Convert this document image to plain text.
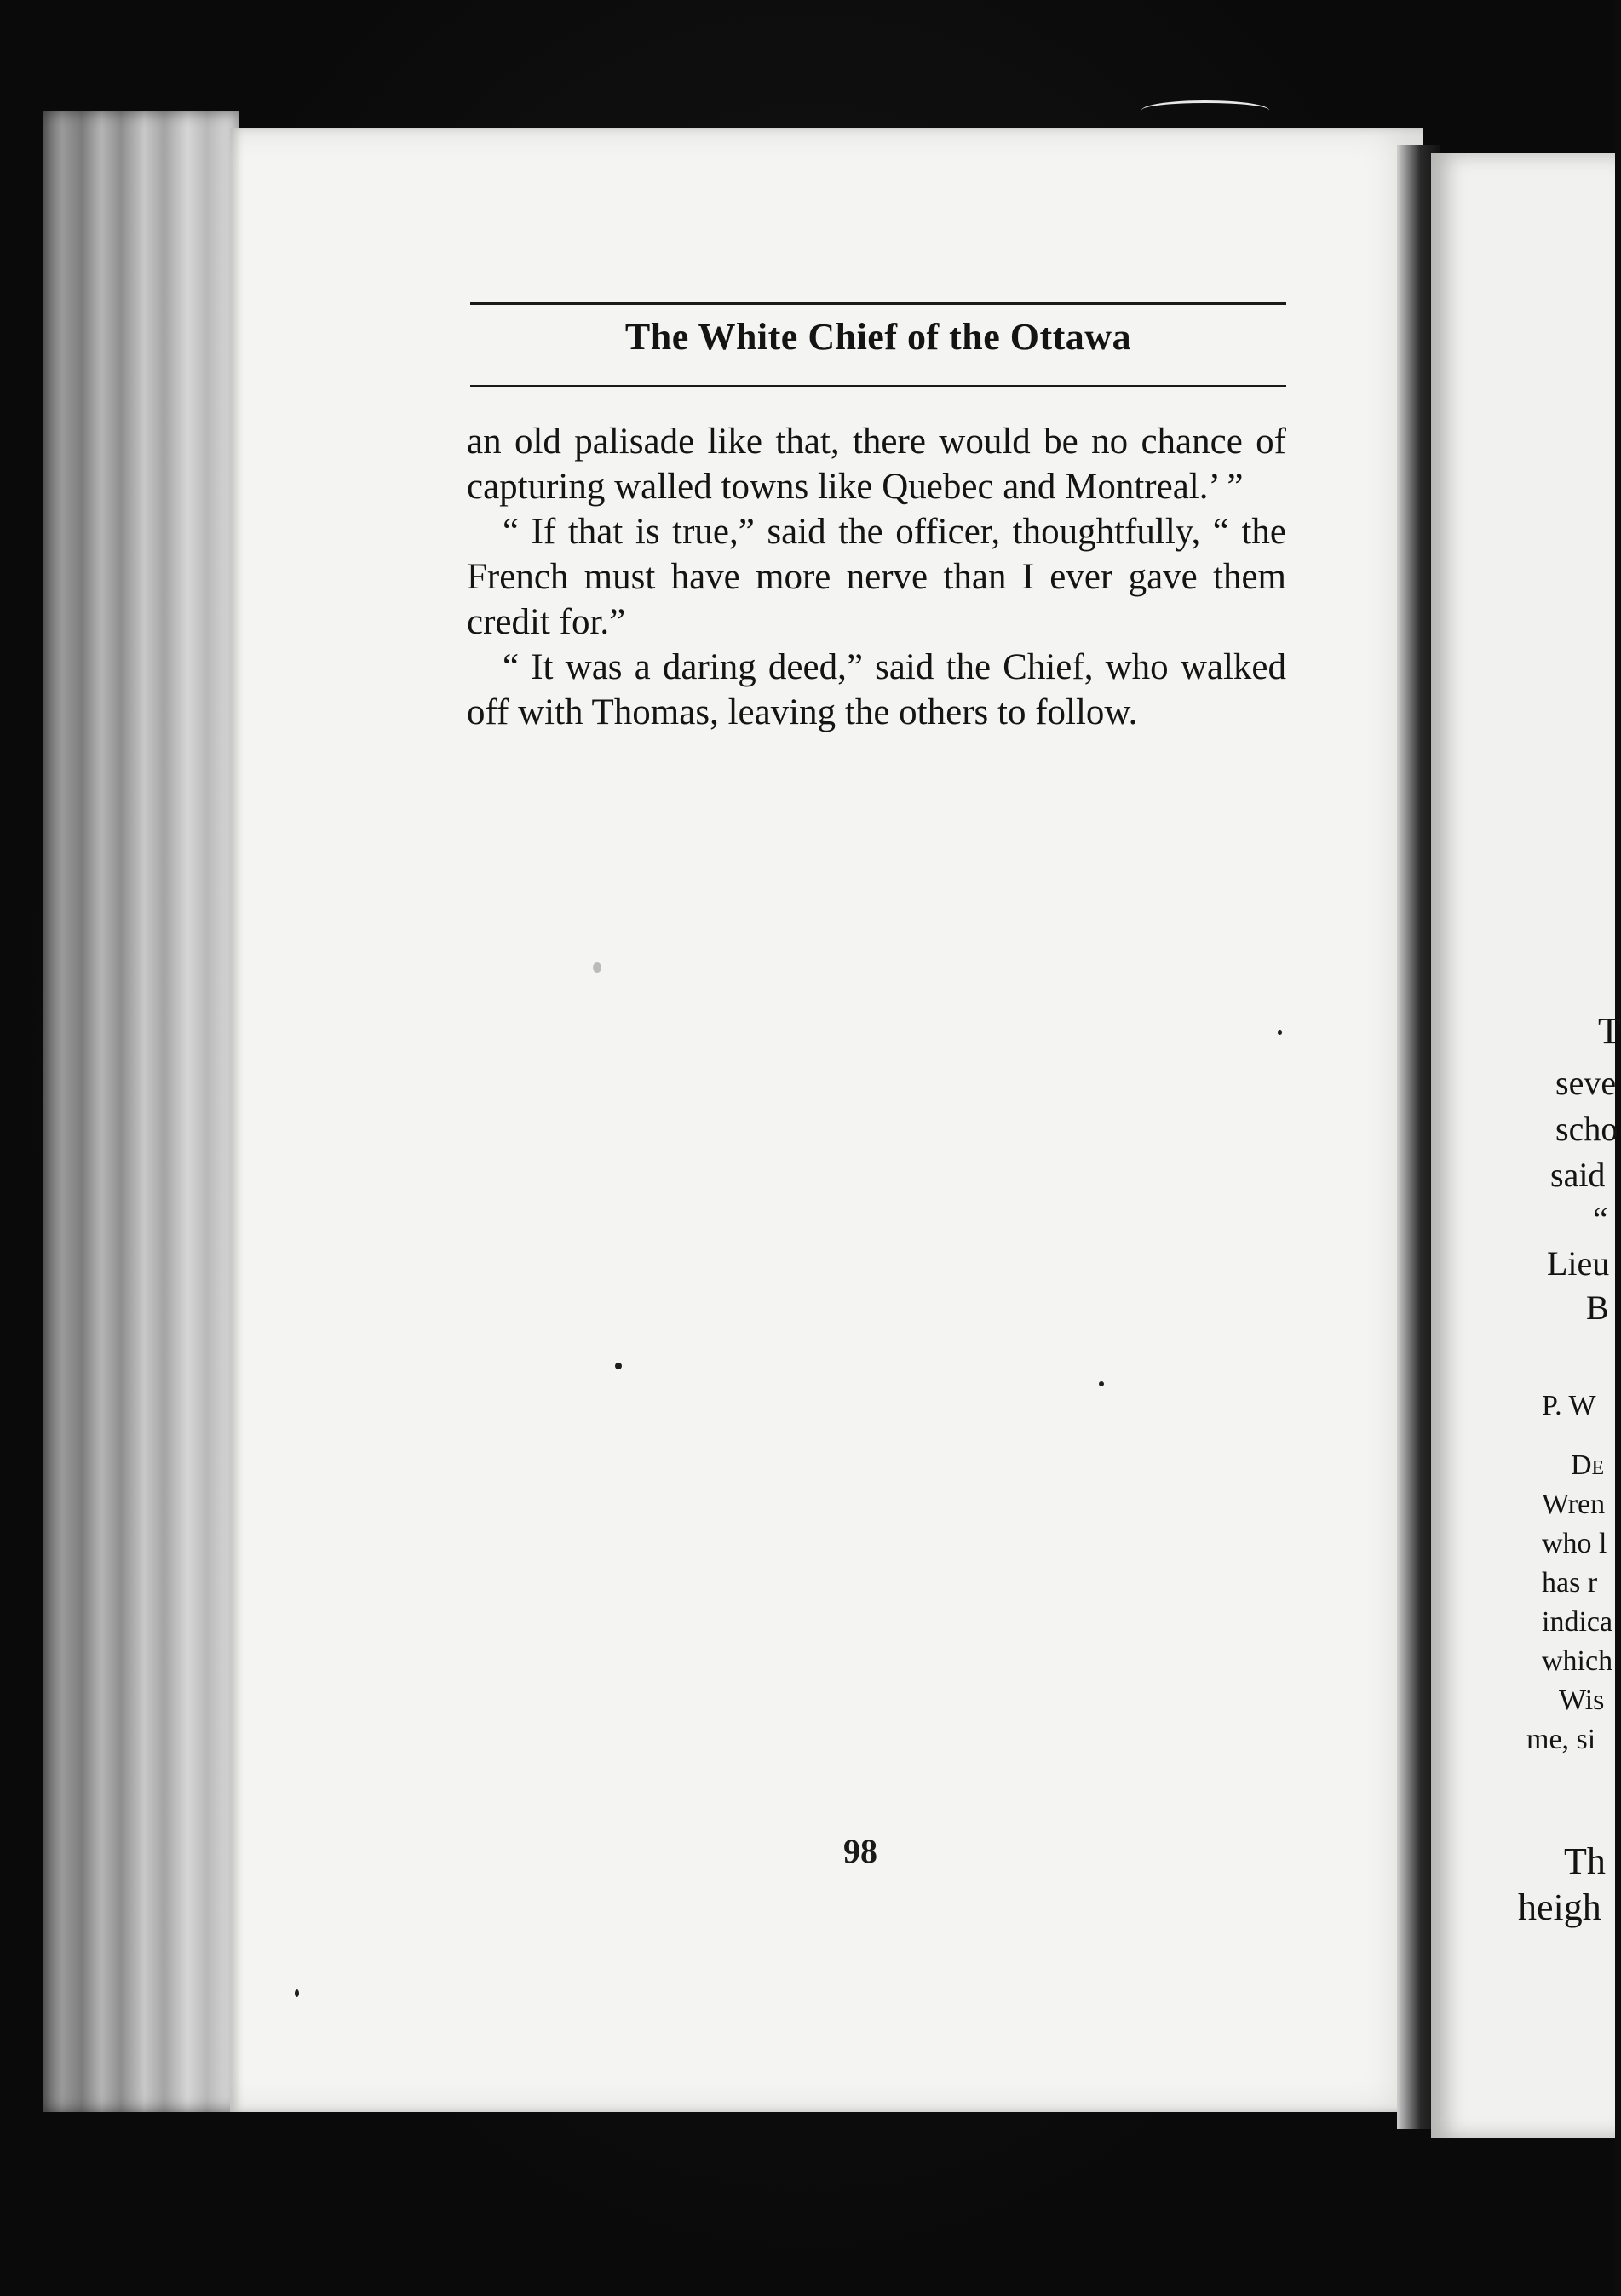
T
seve
scho
said
“
Lieu
B
P. W
De
Wren
who l
has r
indica
which
Wis
me, si
Th
heigh
The White Chief of the Ottawa

an old palisade like that, there would be no chance of capturing walled towns like Quebec and Montreal.’ ”

“ If that is true,” said the officer, thoughtfully, “ the French must have more nerve than I ever gave them credit for.”

“ It was a daring deed,” said the Chief, who walked off with Thomas, leaving the others to follow.

98
